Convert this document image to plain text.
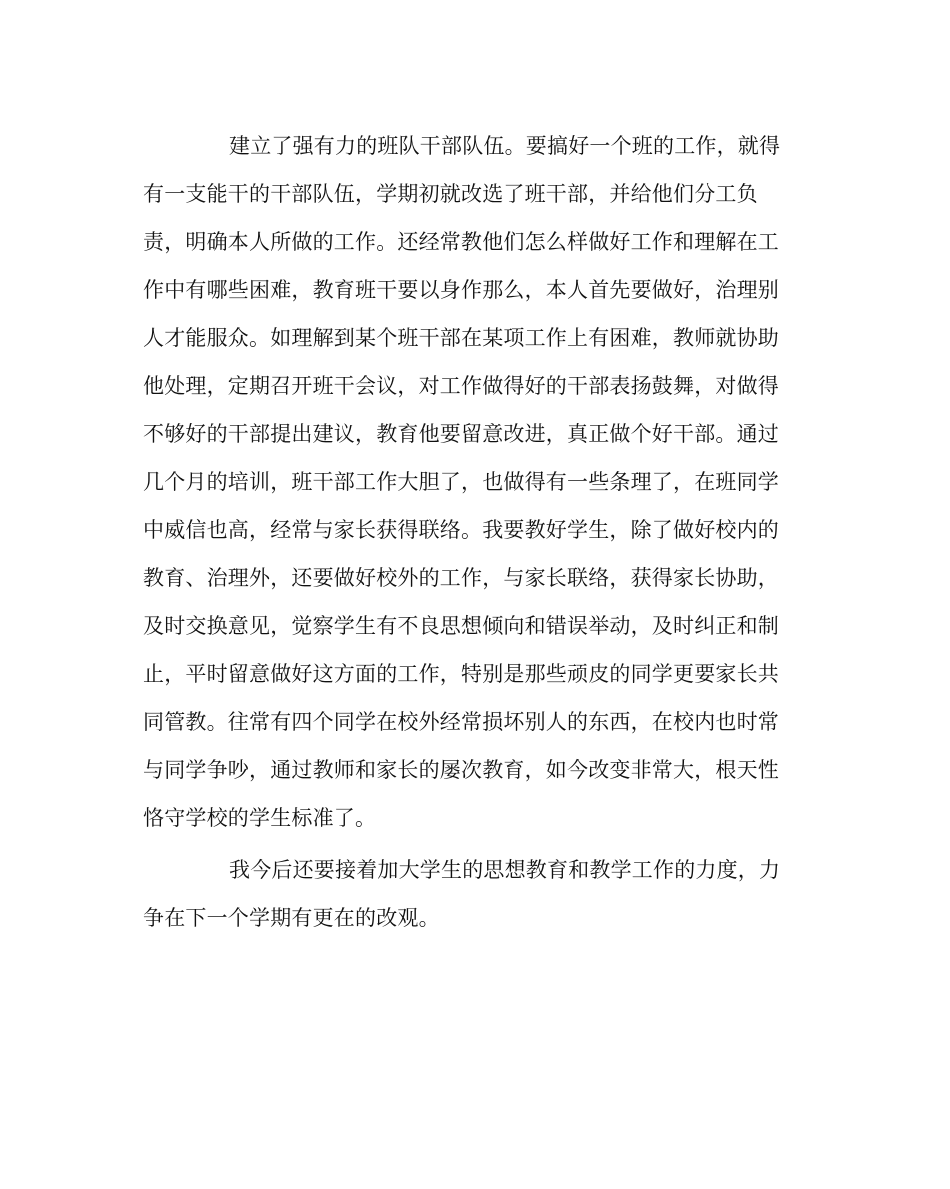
建立了强有力的班队干部队伍。要搞好一个班的工作，就得
有一支能干的干部队伍，学期初就改选了班干部，并给他们分工负
责，明确本人所做的工作。还经常教他们怎么样做好工作和理解在工
作中有哪些困难，教育班干要以身作那么，本人首先要做好，治理别
人才能服众。如理解到某个班干部在某项工作上有困难，教师就协助
他处理，定期召开班干会议，对工作做得好的干部表扬鼓舞，对做得
不够好的干部提出建议，教育他要留意改进，真正做个好干部。通过
几个月的培训，班干部工作大胆了，也做得有一些条理了，在班同学
中威信也高，经常与家长获得联络。我要教好学生，除了做好校内的
教育、治理外，还要做好校外的工作，与家长联络，获得家长协助，
及时交换意见，觉察学生有不良思想倾向和错误举动，及时纠正和制
止，平时留意做好这方面的工作，特别是那些顽皮的同学更要家长共
同管教。往常有四个同学在校外经常损坏别人的东西，在校内也时常
与同学争吵，通过教师和家长的屡次教育，如今改变非常大，根天性
恪守学校的学生标准了。
我今后还要接着加大学生的思想教育和教学工作的力度，力
争在下一个学期有更在的改观。
